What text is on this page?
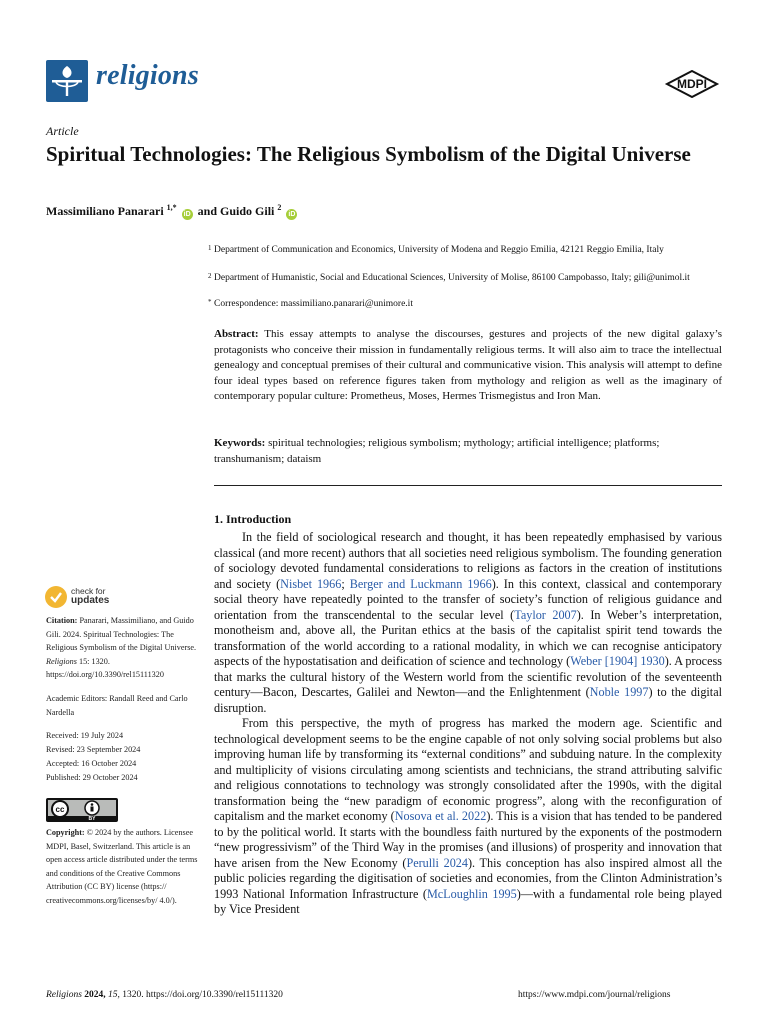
religions	MDPI
Article
Spiritual Technologies: The Religious Symbolism of the Digital Universe
Massimiliano Panarari $^{1,*}$ iD and Guido Gili $^2$ iD
1 Department of Communication and Economics, University of Modena and Reggio Emilia, 42121 Reggio Emilia, Italy
2 Department of Humanistic, Social and Educational Sciences, University of Molise, 86100 Campobasso, Italy; gili@unimol.it
* Correspondence: massimiliano.panarari@unimore.it
Abstract: This essay attempts to analyse the discourses, gestures and projects of the new digital galaxy’s protagonists who conceive their mission in fundamentally religious terms. It will also aim to trace the intellectual genealogy and conceptual premises of their cultural and communicative vision. This analysis will attempt to define four ideal types based on reference figures taken from mythology and religion as well as the imaginary of contemporary popular culture: Prometheus, Moses, Hermes Trismegistus and Iron Man.
Keywords: spiritual technologies; religious symbolism; mythology; artificial intelligence; platforms; transhumanism; dataism
1. Introduction

In the field of sociological research and thought, it has been repeatedly emphasised by various classical (and more recent) authors that all societies need religious symbolism. The founding generation of sociology devoted fundamental considerations to religions as factors in the creation of institutions and society (Nisbet 1966; Berger and Luckmann 1966). In this context, classical and contemporary social theory have repeatedly pointed to the transfer of society’s function of religious guidance and orientation from the transcendental to the secular level (Taylor 2007). In Weber’s interpretation, monotheism and, above all, the Puritan ethics at the basis of the capitalist spirit tend towards the transformation of the world according to a rational modality, in which we can recognise anticipatory aspects of the hypostatisation and deification of science and technology (Weber [1904] 1930). A process that marks the cultural history of the Western world from the scientific revolution of the seventeenth century—Bacon, Descartes, Galilei and Newton—and the Enlightenment (Noble 1997) to the digital disruption.

From this perspective, the myth of progress has marked the modern age. Scientific and technological development seems to be the engine capable of not only solving social problems but also improving human life by transforming its “external conditions” and subduing nature. In the complexity and multiplicity of visions circulating among scientists and technicians, the strand attributing salvific and religious connotations to technology was strongly consolidated after the 1990s, with the digital transformation being the “new paradigm of economic progress”, along with the reconfiguration of capitalism and the market economy (Nosova et al. 2022). This is a vision that has tended to be pandered to by the political world. It starts with the boundless faith nurtured by the exponents of the postmodern “new progressivism” of the Third Way in the promises (and illusions) of prosperity and innovation that have arisen from the New Economy (Perulli 2024). This conception has also inspired almost all the public policies regarding the digitisation of societies and economies, from the Clinton Administration’s 1993 National Information Infrastructure (McLoughlin 1995)—with a fundamental role being played by Vice President

check for
updates
Citation: Panarari, Massimiliano, and Guido Gili. 2024. Spiritual Technologies: The Religious Symbolism of the Digital Universe. Religions 15: 1320. https://doi.org/10.3390/rel15111320
Academic Editors: Randall Reed and Carlo Nardella
Received: 19 July 2024
Revised: 23 September 2024
Accepted: 16 October 2024
Published: 29 October 2024
cc
BY
Copyright: © 2024 by the authors. Licensee MDPI, Basel, Switzerland. This article is an open access article distributed under the terms and conditions of the Creative Commons Attribution (CC BY) license (https:// creativecommons.org/licenses/by/ 4.0/).
Religions 2024, 15, 1320. https://doi.org/10.3390/rel15111320	https://www.mdpi.com/journal/religions
